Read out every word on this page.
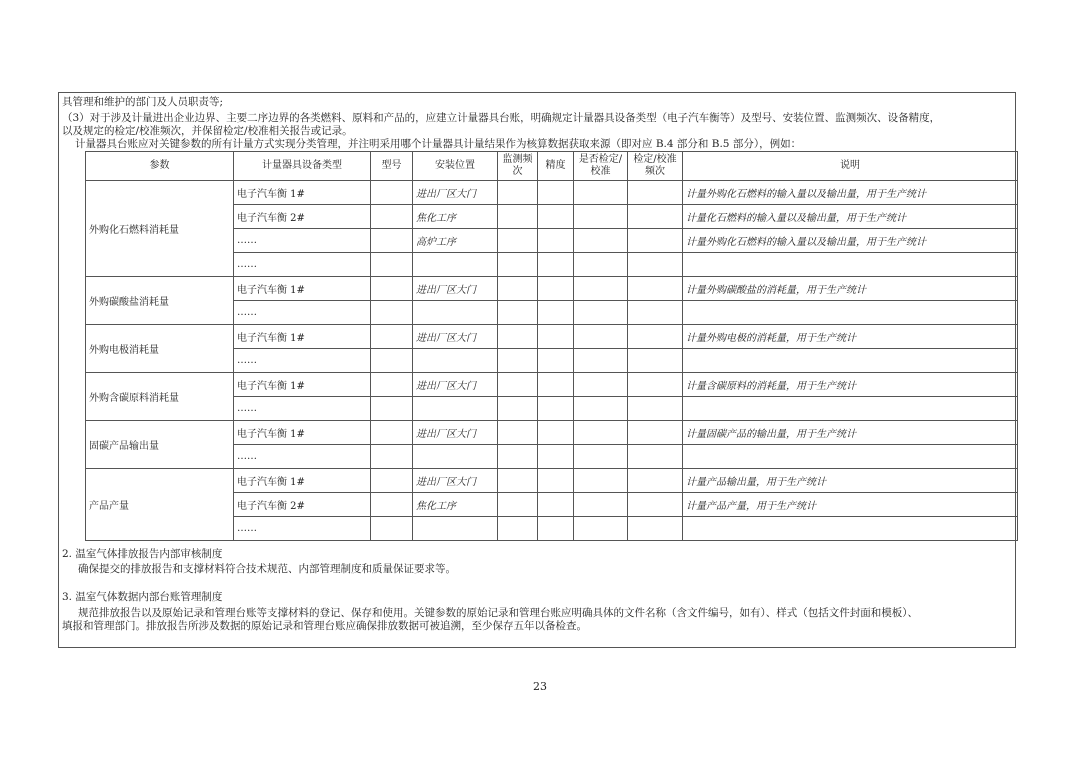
具管理和维护的部门及人员职责等;
（3）对于涉及计量进出企业边界、主要二序边界的各类燃料、原料和产品的，应建立计量器具台账，明确规定计量器具设备类型（电子汽车衡等）及型号、安装位置、监测频次、设备精度，
以及规定的检定/校准频次，并保留检定/校准相关报告或记录。
计量器具台账应对关键参数的所有计量方式实现分类管理，并注明采用哪个计量器具计量结果作为核算数据获取来源（即对应 B.4 部分和 B.5 部分），例如：
参数	计量器具设备类型	型号	安装位置	监测频次	精度	是否检定/校准	检定/校准频次	说明
外购化石燃料消耗量	电子汽车衡 1#		进出厂区大门					计量外购化石燃料的输入量以及输出量，用于生产统计
	电子汽车衡 2#		焦化工序					计量化石燃料的输入量以及输出量，用于生产统计
	……		高炉工序					计量外购化石燃料的输入量以及输出量，用于生产统计
	……							
外购碳酸盐消耗量	电子汽车衡 1#		进出厂区大门					计量外购碳酸盐的消耗量，用于生产统计
	……							
外购电极消耗量	电子汽车衡 1#		进出厂区大门					计量外购电极的消耗量，用于生产统计
	……							
外购含碳原料消耗量	电子汽车衡 1#		进出厂区大门					计量含碳原料的消耗量，用于生产统计
	……							
固碳产品输出量	电子汽车衡 1#		进出厂区大门					计量固碳产品的输出量，用于生产统计
	……							
产品产量	电子汽车衡 1#		进出厂区大门					计量产品输出量，用于生产统计
	电子汽车衡 2#		焦化工序					计量产品产量，用于生产统计
	……							
2. 温室气体排放报告内部审核制度
确保提交的排放报告和支撑材料符合技术规范、内部管理制度和质量保证要求等。
3. 温室气体数据内部台账管理制度
规范排放报告以及原始记录和管理台账等支撑材料的登记、保存和使用。关键参数的原始记录和管理台账应明确具体的文件名称（含文件编号，如有）、样式（包括文件封面和模板）、
填报和管理部门。排放报告所涉及数据的原始记录和管理台账应确保排放数据可被追溯，至少保存五年以备检查。
23
